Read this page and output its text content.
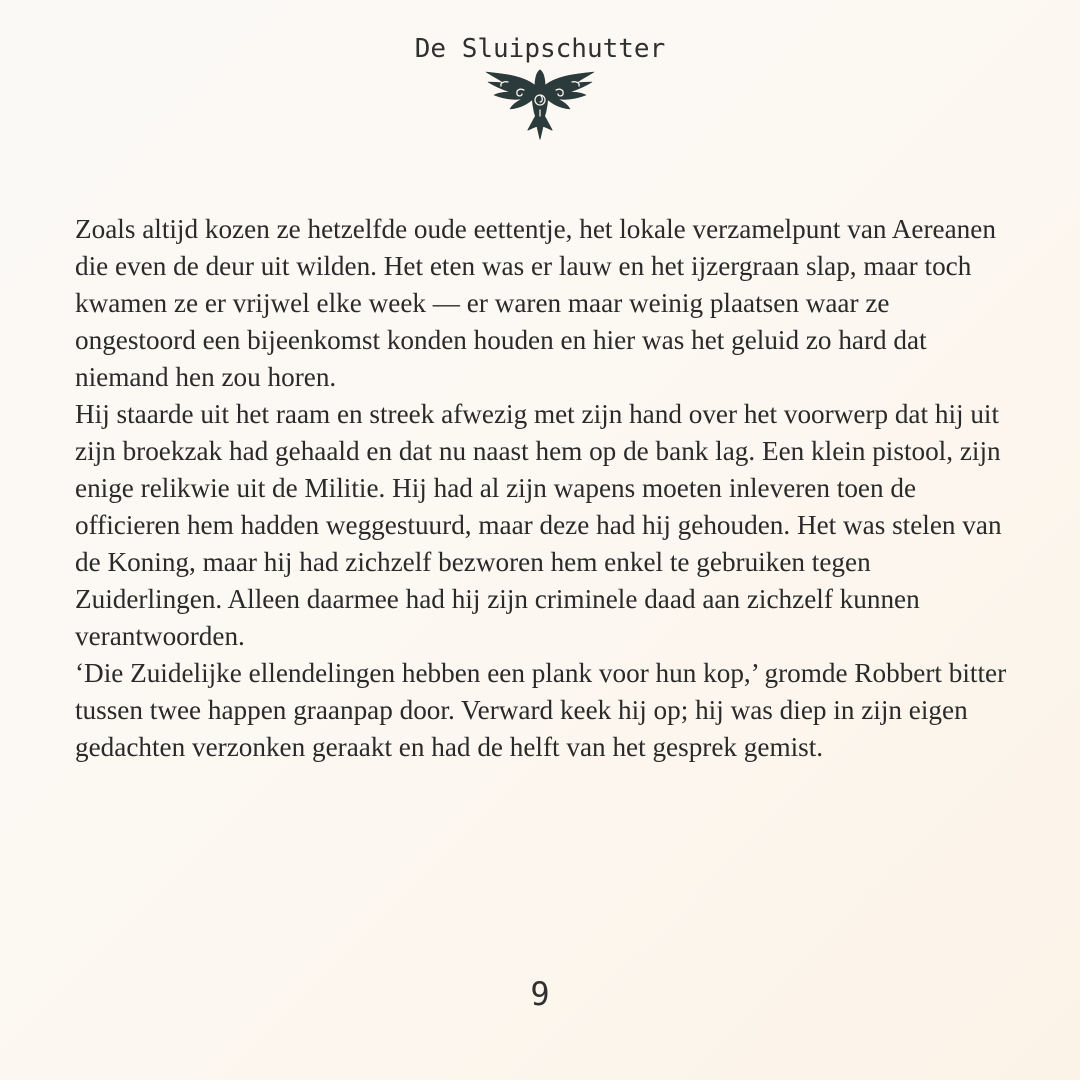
De Sluipschutter

Zoals altijd kozen ze hetzelfde oude eettentje, het lokale verzamelpunt van Aereanen die even de deur uit wilden. Het eten was er lauw en het ijzergraan slap, maar toch kwamen ze er vrijwel elke week — er waren maar weinig plaatsen waar ze ongestoord een bijeenkomst konden houden en hier was het geluid zo hard dat niemand hen zou horen.

Hij staarde uit het raam en streek afwezig met zijn hand over het voorwerp dat hij uit zijn broekzak had gehaald en dat nu naast hem op de bank lag. Een klein pistool, zijn enige relikwie uit de Militie. Hij had al zijn wapens moeten inleveren toen de officieren hem hadden weggestuurd, maar deze had hij gehouden. Het was stelen van de Koning, maar hij had zichzelf bezworen hem enkel te gebruiken tegen Zuiderlingen. Alleen daarmee had hij zijn criminele daad aan zichzelf kunnen verantwoorden.

‘Die Zuidelijke ellendelingen hebben een plank voor hun kop,’ gromde Robbert bitter tussen twee happen graanpap door. Verward keek hij op; hij was diep in zijn eigen gedachten verzonken geraakt en had de helft van het gesprek gemist.

9
